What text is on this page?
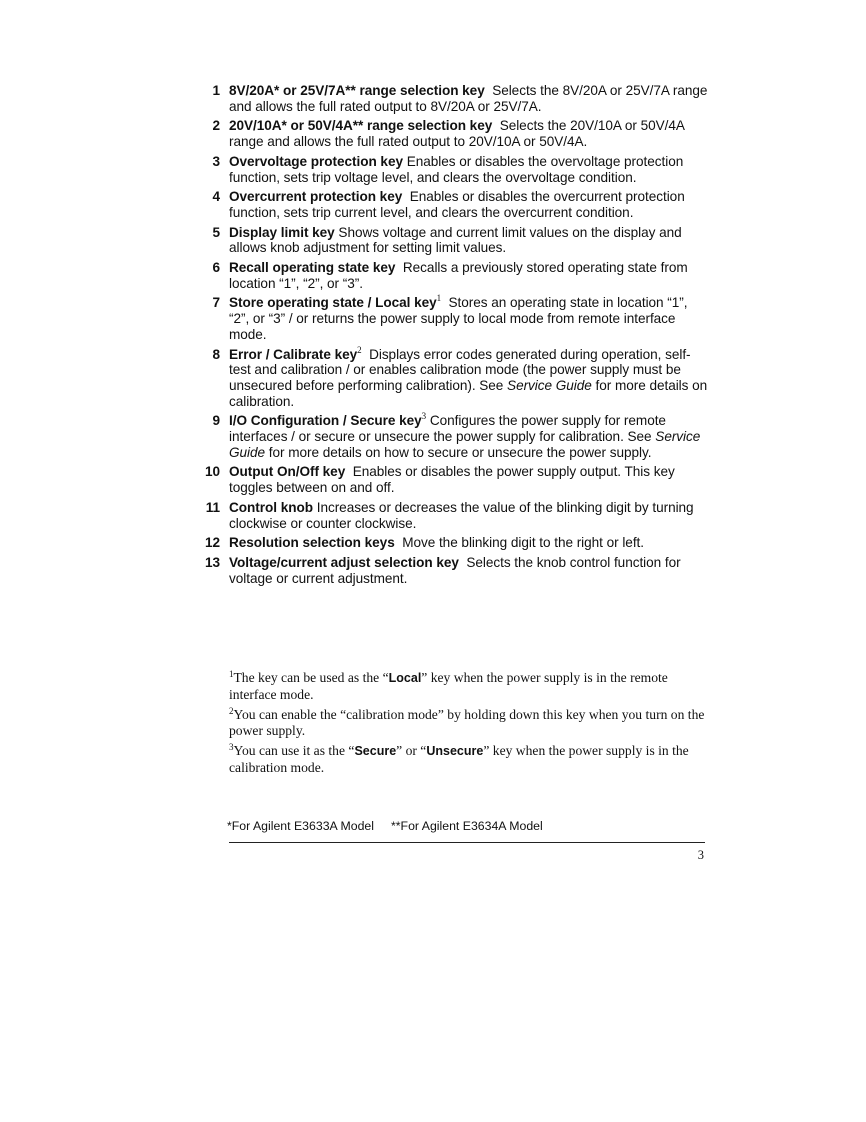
1 8V/20A* or 25V/7A** range selection key Selects the 8V/20A or 25V/7A range and allows the full rated output to 8V/20A or 25V/7A.
2 20V/10A* or 50V/4A** range selection key Selects the 20V/10A or 50V/4A range and allows the full rated output to 20V/10A or 50V/4A.
3 Overvoltage protection key Enables or disables the overvoltage protection function, sets trip voltage level, and clears the overvoltage condition.
4 Overcurrent protection key Enables or disables the overcurrent protection function, sets trip current level, and clears the overcurrent condition.
5 Display limit key Shows voltage and current limit values on the display and allows knob adjustment for setting limit values.
6 Recall operating state key Recalls a previously stored operating state from location “1”, “2”, or “3”.
7 Store operating state / Local key$^1$ Stores an operating state in location “1”, “2”, or “3” / or returns the power supply to local mode from remote interface mode.
8 Error / Calibrate key$^2$ Displays error codes generated during operation, self-test and calibration / or enables calibration mode (the power supply must be unsecured before performing calibration). See Service Guide for more details on calibration.
9 I/O Configuration / Secure key$^3$ Configures the power supply for remote interfaces / or secure or unsecure the power supply for calibration. See Service Guide for more details on how to secure or unsecure the power supply.
10 Output On/Off key Enables or disables the power supply output. This key toggles between on and off.
11 Control knob Increases or decreases the value of the blinking digit by turning clockwise or counter clockwise.
12 Resolution selection keys Move the blinking digit to the right or left.
13 Voltage/current adjust selection key Selects the knob control function for voltage or current adjustment.

$^1$The key can be used as the “Local” key when the power supply is in the remote interface mode.

$^2$You can enable the “calibration mode” by holding down this key when you turn on the power supply.

$^3$You can use it as the “Secure” or “Unsecure” key when the power supply is in the calibration mode.

*For Agilent E3633A Model **For Agilent E3634A Model
3
